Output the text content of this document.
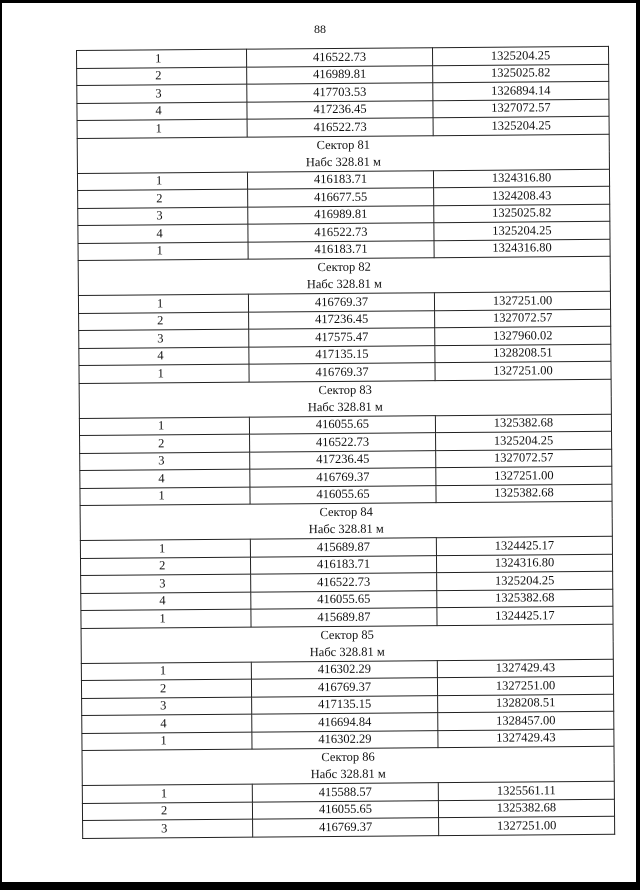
88
1	416522.73	1325204.25
2	416989.81	1325025.82
3	417703.53	1326894.14
4	417236.45	1327072.57
1	416522.73	1325204.25
Сектор 81		
Набс 328.81 м		
1	416183.71	1324316.80
2	416677.55	1324208.43
3	416989.81	1325025.82
4	416522.73	1325204.25
1	416183.71	1324316.80
Сектор 82		
Набс 328.81 м		
1	416769.37	1327251.00
2	417236.45	1327072.57
3	417575.47	1327960.02
4	417135.15	1328208.51
1	416769.37	1327251.00
Сектор 83		
Набс 328.81 м		
1	416055.65	1325382.68
2	416522.73	1325204.25
3	417236.45	1327072.57
4	416769.37	1327251.00
1	416055.65	1325382.68
Сектор 84		
Набс 328.81 м		
1	415689.87	1324425.17
2	416183.71	1324316.80
3	416522.73	1325204.25
4	416055.65	1325382.68
1	415689.87	1324425.17
Сектор 85		
Набс 328.81 м		
1	416302.29	1327429.43
2	416769.37	1327251.00
3	417135.15	1328208.51
4	416694.84	1328457.00
1	416302.29	1327429.43
Сектор 86		
Набс 328.81 м		
1	415588.57	1325561.11
2	416055.65	1325382.68
3	416769.37	1327251.00
